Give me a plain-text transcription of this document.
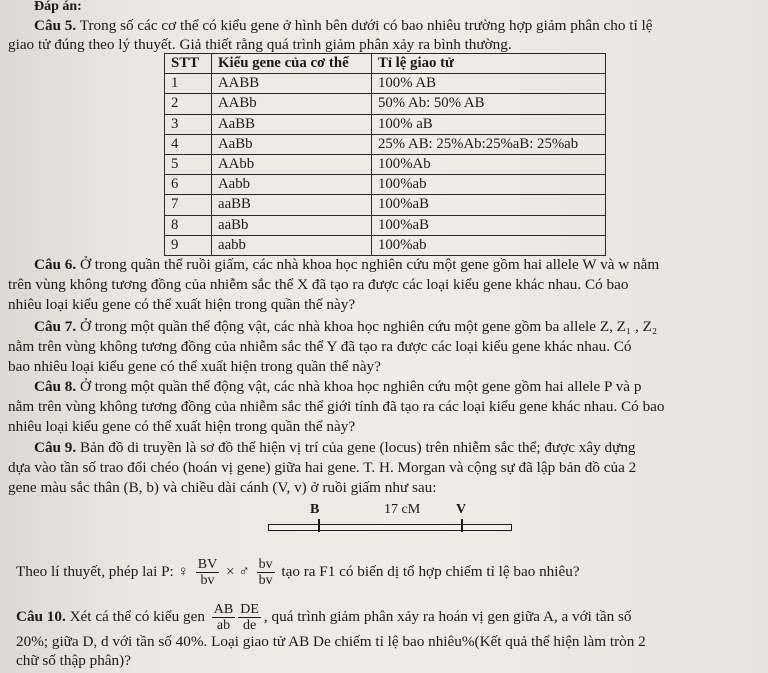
Đáp án:
Câu 5. Trong số các cơ thể có kiểu gene ở hình bên dưới có bao nhiêu trường hợp giảm phân cho tỉ lệ
giao tử đúng theo lý thuyết. Giả thiết rằng quá trình giảm phân xảy ra bình thường.
STT	Kiểu gene của cơ thể	Tỉ lệ giao tử
1	AABB	100% AB
2	AABb	50% Ab: 50% AB
3	AaBB	100% aB
4	AaBb	25% AB: 25%Ab:25%aB: 25%ab
5	AAbb	100%Ab
6	Aabb	100%ab
7	aaBB	100%aB
8	aaBb	100%aB
9	aabb	100%ab
Câu 6. Ở trong quần thể ruồi giấm, các nhà khoa học nghiên cứu một gene gồm hai allele W và w nằm
trên vùng không tương đồng của nhiễm sắc thể X đã tạo ra được các loại kiểu gene khác nhau. Có bao
nhiêu loại kiểu gene có thể xuất hiện trong quần thể này?
Câu 7. Ở trong một quần thể động vật, các nhà khoa học nghiên cứu một gene gồm ba allele Z, Z₁ , Z₂
nằm trên vùng không tương đồng của nhiễm sắc thể Y đã tạo ra được các loại kiểu gene khác nhau. Có
bao nhiêu loại kiểu gene có thể xuất hiện trong quần thể này?
Câu 8. Ở trong một quần thể động vật, các nhà khoa học nghiên cứu một gene gồm hai allele P và p
nằm trên vùng không tương đồng của nhiễm sắc thể giới tính đã tạo ra các loại kiểu gene khác nhau. Có bao
nhiêu loại kiểu gene có thể xuất hiện trong quần thể này?
Câu 9. Bản đồ di truyền là sơ đồ thể hiện vị trí của gene (locus) trên nhiễm sắc thể; được xây dựng
dựa vào tần số trao đổi chéo (hoán vị gene) giữa hai gene. T. H. Morgan và cộng sự đã lập bản đồ của 2
gene màu sắc thân (B, b) và chiều dài cánh (V, v) ở ruồi giấm như sau:
B	17 cM	V
Theo lí thuyết, phép lai P: ♀ $\frac{BV}{bv}$ × ♂ $\frac{bv}{bv}$ tạo ra F1 có biến dị tổ hợp chiếm tỉ lệ bao nhiêu?
Câu 10. Xét cá thể có kiểu gen $\frac{AB}{ab} \frac{DE}{de}$ , quá trình giảm phân xảy ra hoán vị gen giữa A, a với tần số
20%; giữa D, d với tần số 40%. Loại giao tử AB De chiếm tỉ lệ bao nhiêu%(Kết quả thể hiện làm tròn 2
chữ số thập phân)?
